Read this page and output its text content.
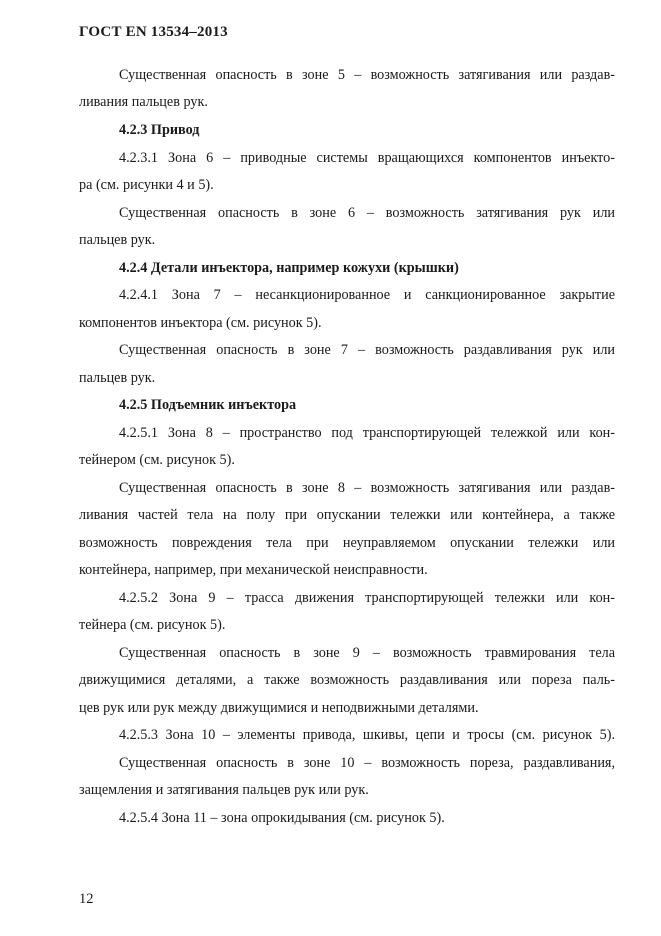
ГОСТ EN 13534–2013
Существенная опасность в зоне 5 – возможность затягивания или раздав-
ливания пальцев рук.
4.2.3 Привод
4.2.3.1 Зона 6 – приводные системы вращающихся компонентов инъекто-
ра (см. рисунки 4 и 5).
Существенная опасность в зоне 6 – возможность затягивания рук или
пальцев рук.
4.2.4 Детали инъектора, например кожухи (крышки)
4.2.4.1 Зона 7 – несанкционированное и санкционированное закрытие
компонентов инъектора (см. рисунок 5).
Существенная опасность в зоне 7 – возможность раздавливания рук или
пальцев рук.
4.2.5 Подъемник инъектора
4.2.5.1 Зона 8 – пространство под транспортирующей тележкой или кон-
тейнером (см. рисунок 5).
Существенная опасность в зоне 8 – возможность затягивания или раздав-
ливания частей тела на полу при опускании тележки или контейнера, а также
возможность повреждения тела при неуправляемом опускании тележки или
контейнера, например, при механической неисправности.
4.2.5.2 Зона 9 – трасса движения транспортирующей тележки или кон-
тейнера (см. рисунок 5).
Существенная опасность в зоне 9 – возможность травмирования тела
движущимися деталями, а также возможность раздавливания или пореза паль-
цев рук или рук между движущимися и неподвижными деталями.
4.2.5.3 Зона 10 – элементы привода, шкивы, цепи и тросы (см. рисунок 5).
Существенная опасность в зоне 10 – возможность пореза, раздавливания,
защемления и затягивания пальцев рук или рук.
4.2.5.4 Зона 11 – зона опрокидывания (см. рисунок 5).
12
